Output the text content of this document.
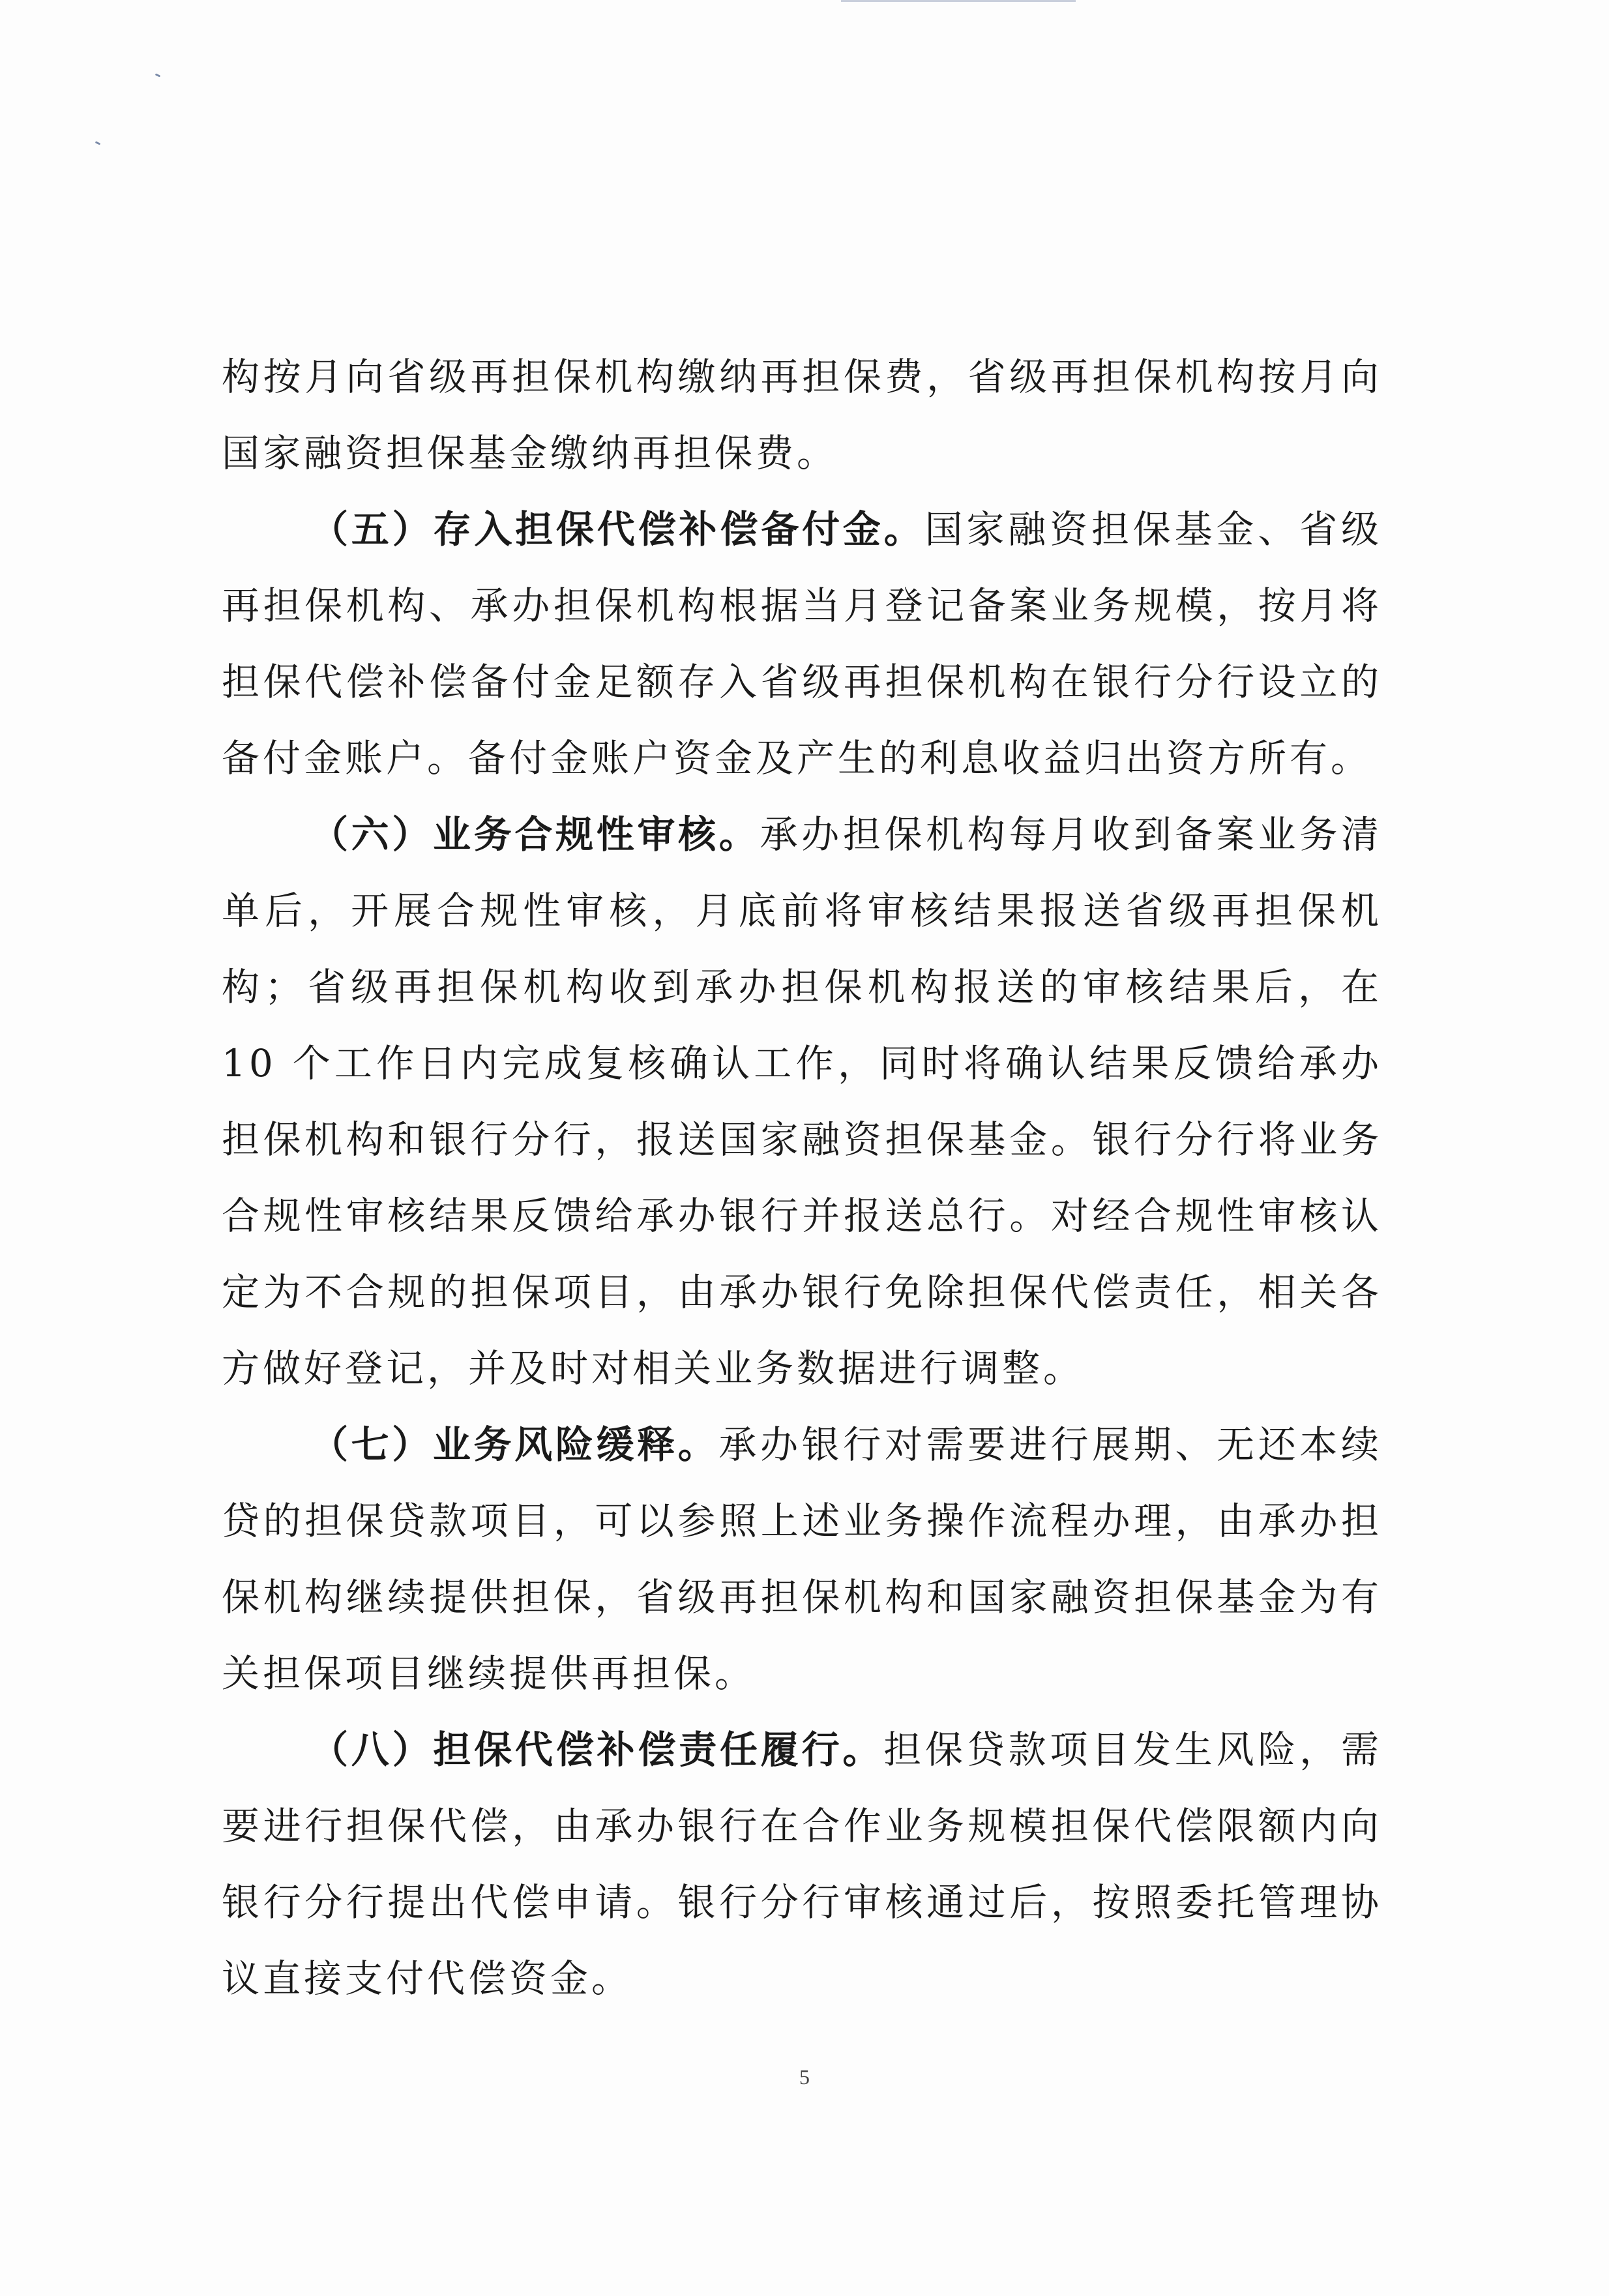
构按月向省级再担保机构缴纳再担保费，省级再担保机构按月向国家融资担保基金缴纳再担保费。

（五）存入担保代偿补偿备付金。国家融资担保基金、省级再担保机构、承办担保机构根据当月登记备案业务规模，按月将担保代偿补偿备付金足额存入省级再担保机构在银行分行设立的备付金账户。备付金账户资金及产生的利息收益归出资方所有。

（六）业务合规性审核。承办担保机构每月收到备案业务清单后，开展合规性审核，月底前将审核结果报送省级再担保机构；省级再担保机构收到承办担保机构报送的审核结果后，在 10 个工作日内完成复核确认工作，同时将确认结果反馈给承办担保机构和银行分行，报送国家融资担保基金。银行分行将业务合规性审核结果反馈给承办银行并报送总行。对经合规性审核认定为不合规的担保项目，由承办银行免除担保代偿责任，相关各方做好登记，并及时对相关业务数据进行调整。

（七）业务风险缓释。承办银行对需要进行展期、无还本续贷的担保贷款项目，可以参照上述业务操作流程办理，由承办担保机构继续提供担保，省级再担保机构和国家融资担保基金为有关担保项目继续提供再担保。

（八）担保代偿补偿责任履行。担保贷款项目发生风险，需要进行担保代偿，由承办银行在合作业务规模担保代偿限额内向银行分行提出代偿申请。银行分行审核通过后，按照委托管理协议直接支付代偿资金。

5
